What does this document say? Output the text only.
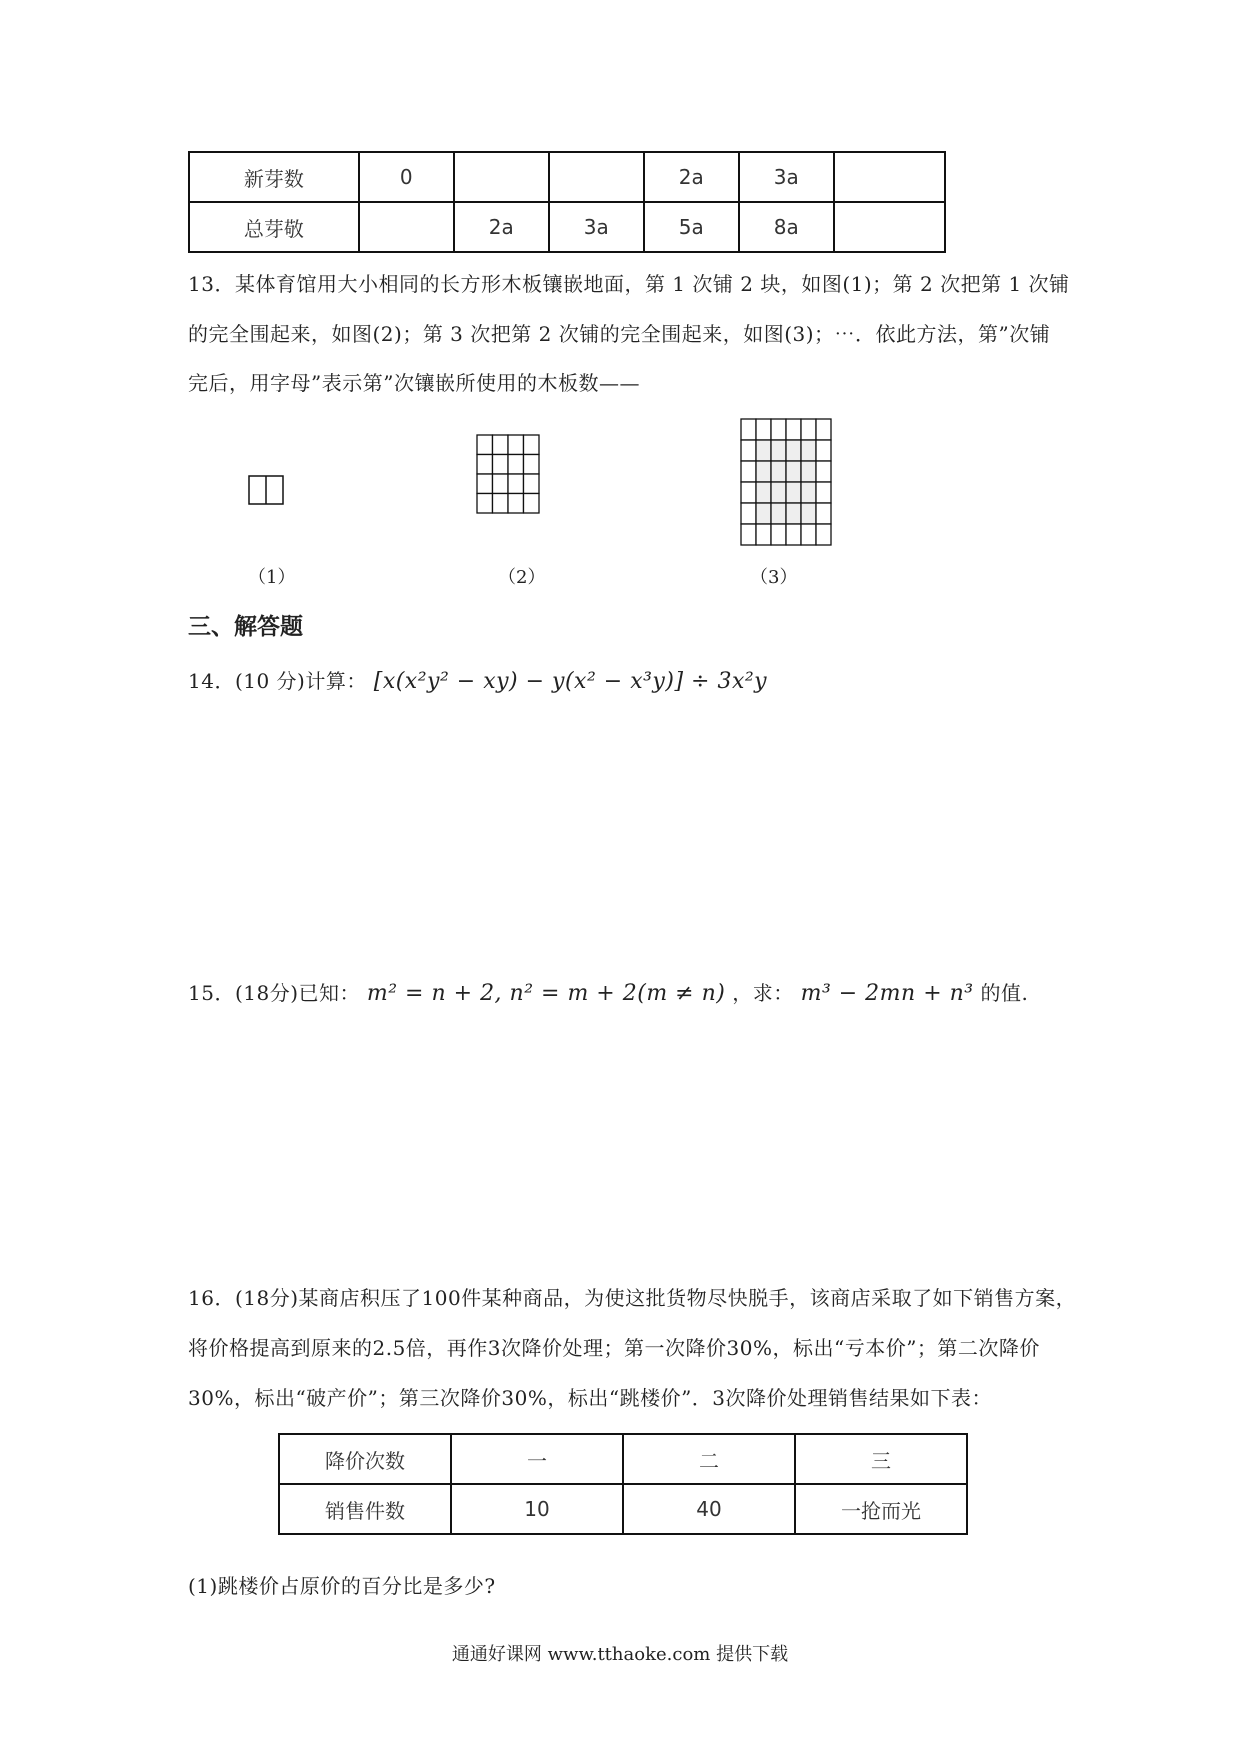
新芽数	0			2a	3a	
总芽敬		2a	3a	5a	8a	
13．某体育馆用大小相同的长方形木板镶嵌地面，第 1 次铺 2 块，如图(1)；第 2 次把第 1 次铺
的完全围起来，如图(2)；第 3 次把第 2 次铺的完全围起来，如图(3)；⋯．依此方法，第”次铺
完后，用字母”表示第”次镶嵌所使用的木板数——
（1）	（2）	（3）
三、解答题
14．(10 分)计算： [x(x²y² − xy) − y(x² − x³y)] ÷ 3x²y
15．(18分)已知： m² = n + 2, n² = m + 2(m ≠ n) ，求： m³ − 2mn + n³ 的值.
16．(18分)某商店积压了100件某种商品，为使这批货物尽快脱手，该商店采取了如下销售方案，
将价格提高到原来的2.5倍，再作3次降价处理；第一次降价30%，标出“亏本价”；第二次降价
30%，标出“破产价”；第三次降价30%，标出“跳楼价”．3次降价处理销售结果如下表：
降价次数	一	二	三
销售件数	10	40	一抢而光
(1)跳楼价占原价的百分比是多少?
通通好课网 www.tthaoke.com 提供下载
